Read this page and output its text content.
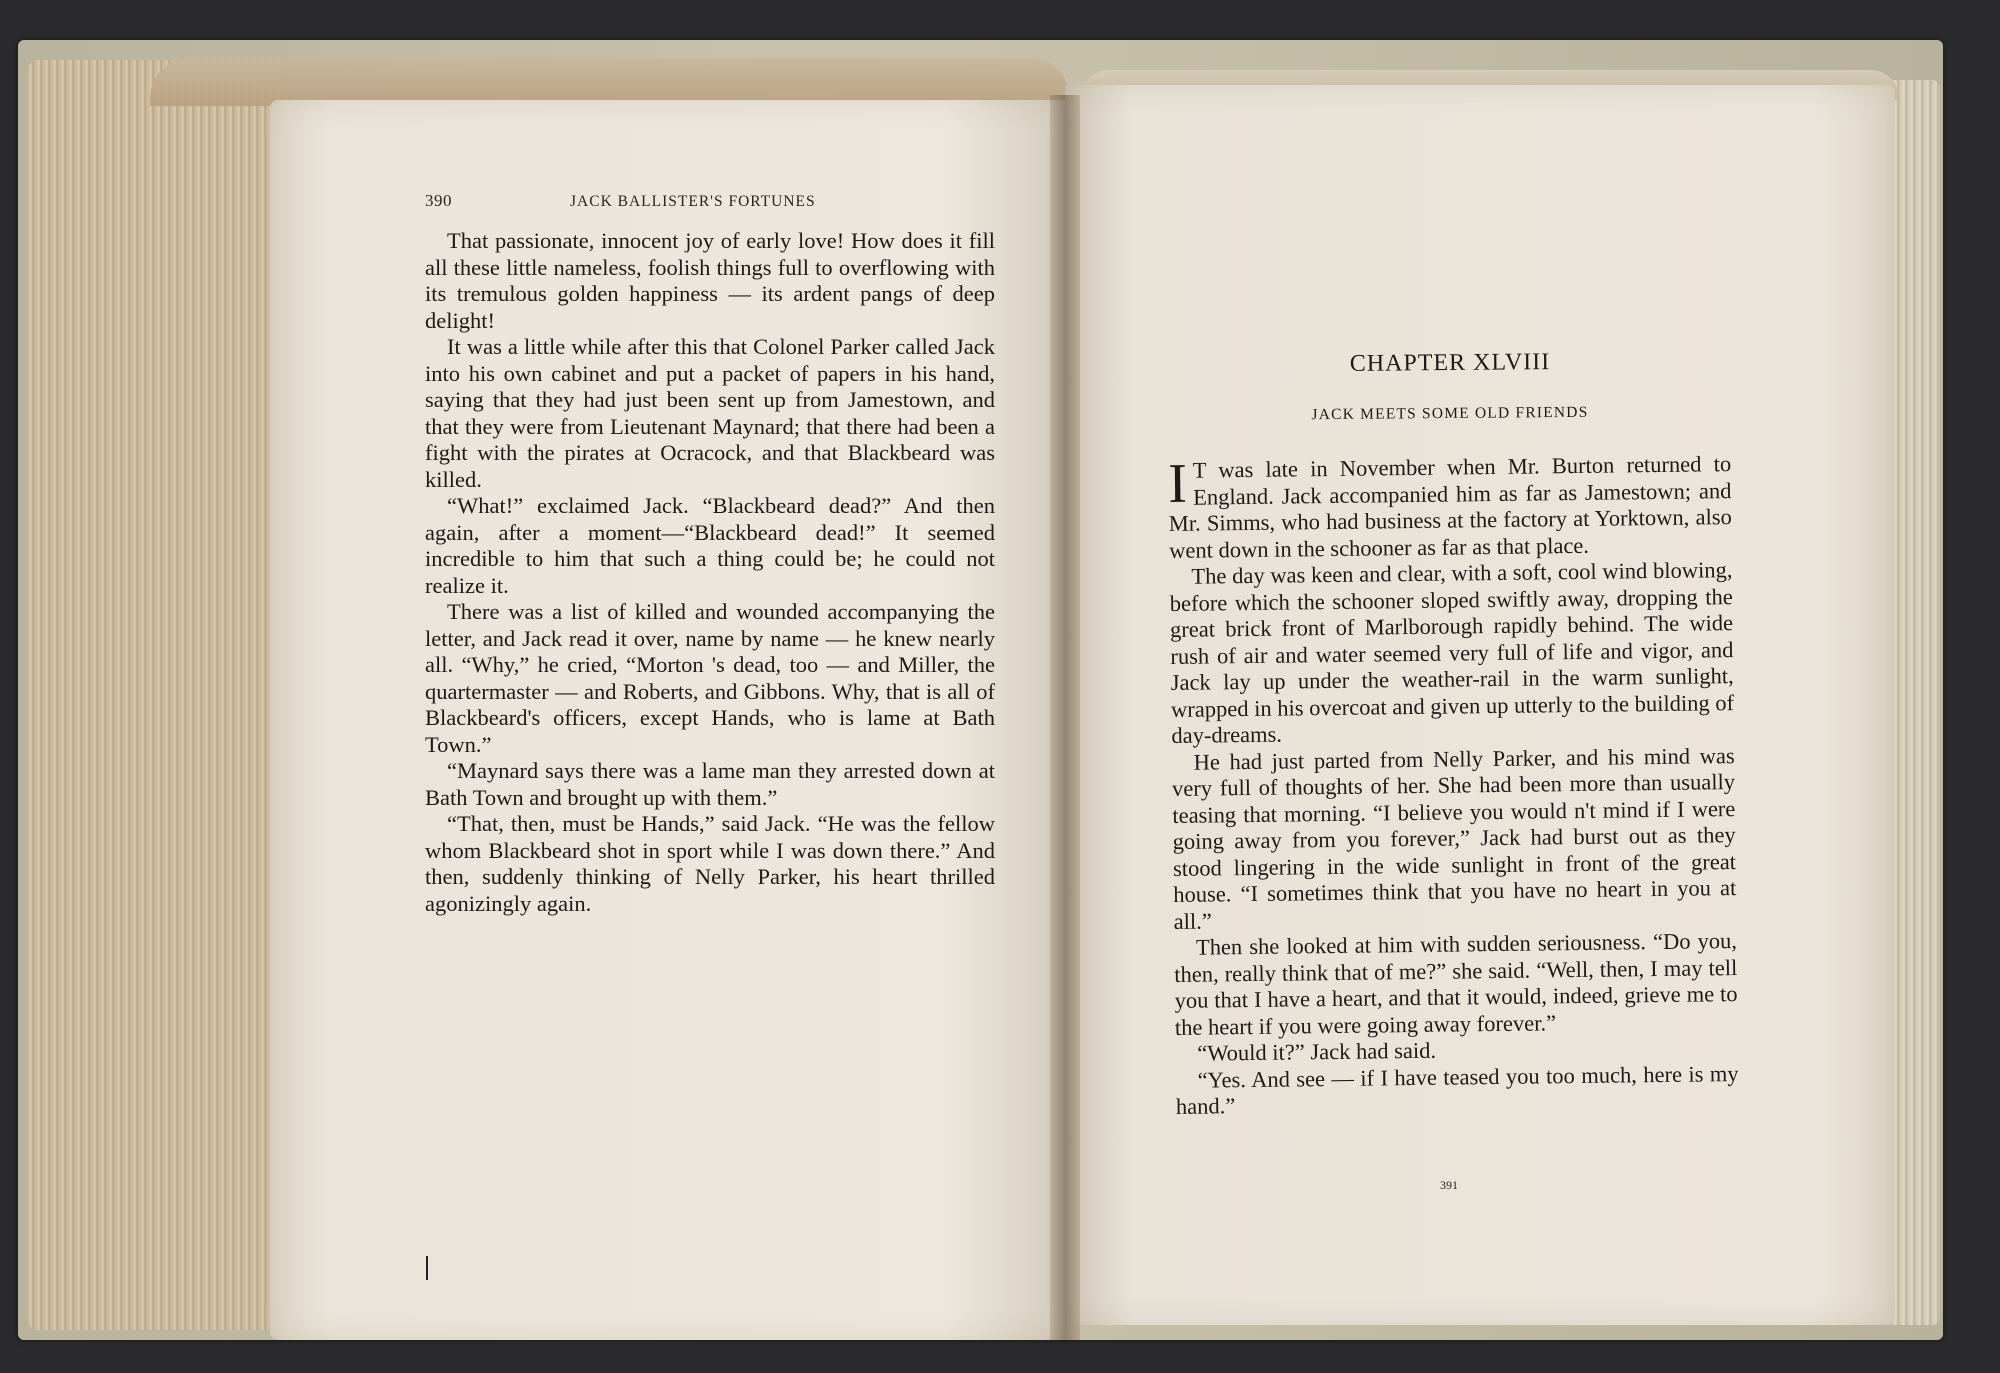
390	JACK BALLISTER'S FORTUNES

That passionate, innocent joy of early love! How does it fill all these little nameless, foolish things full to overflowing with its tremulous golden happiness — its ardent pangs of deep delight!

It was a little while after this that Colonel Parker called Jack into his own cabinet and put a packet of papers in his hand, saying that they had just been sent up from Jamestown, and that they were from Lieutenant Maynard; that there had been a fight with the pirates at Ocracock, and that Blackbeard was killed.

“What!” exclaimed Jack. “Blackbeard dead?” And then again, after a moment—“Blackbeard dead!” It seemed incredible to him that such a thing could be; he could not realize it.

There was a list of killed and wounded accompanying the letter, and Jack read it over, name by name — he knew nearly all. “Why,” he cried, “Morton 's dead, too — and Miller, the quartermaster — and Roberts, and Gibbons. Why, that is all of Blackbeard's officers, except Hands, who is lame at Bath Town.”

“Maynard says there was a lame man they arrested down at Bath Town and brought up with them.”

“That, then, must be Hands,” said Jack. “He was the fellow whom Blackbeard shot in sport while I was down there.” And then, suddenly thinking of Nelly Parker, his heart thrilled agonizingly again.

CHAPTER XLVIII
JACK MEETS SOME OLD FRIENDS

I T was late in November when Mr. Burton returned to England. Jack accompanied him as far as Jamestown; and Mr. Simms, who had business at the factory at Yorktown, also went down in the schooner as far as that place.

The day was keen and clear, with a soft, cool wind blowing, before which the schooner sloped swiftly away, dropping the great brick front of Marlborough rapidly behind. The wide rush of air and water seemed very full of life and vigor, and Jack lay up under the weather-rail in the warm sunlight, wrapped in his overcoat and given up utterly to the building of day-dreams.

He had just parted from Nelly Parker, and his mind was very full of thoughts of her. She had been more than usually teasing that morning. “I believe you would n't mind if I were going away from you forever,” Jack had burst out as they stood lingering in the wide sunlight in front of the great house. “I sometimes think that you have no heart in you at all.”

Then she looked at him with sudden seriousness. “Do you, then, really think that of me?” she said. “Well, then, I may tell you that I have a heart, and that it would, indeed, grieve me to the heart if you were going away forever.”

“Would it?” Jack had said.

“Yes. And see — if I have teased you too much, here is my hand.”

391
